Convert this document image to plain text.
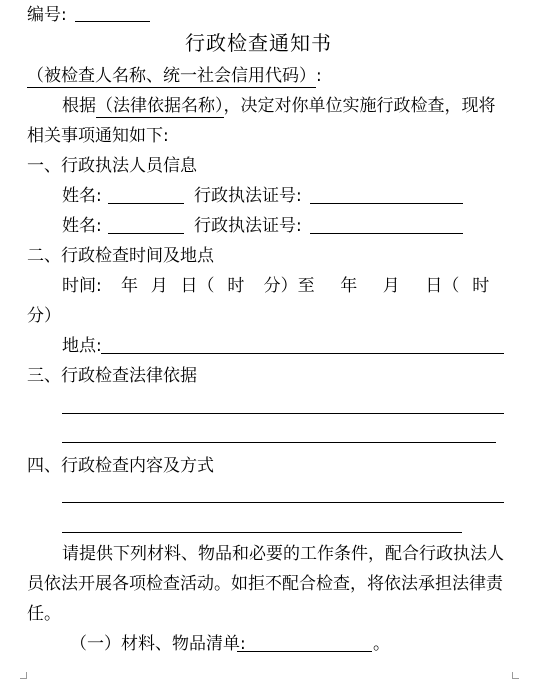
编号:
行政检查通知书
（被检查人名称、统一社会信用代码）:
根据（法律依据名称），决定对你单位实施行政检查，现将
相关事项通知如下:
一、行政执法人员信息
姓名:	行政执法证号:
姓名:	行政执法证号:
二、行政检查时间及地点
时间:   年  月  日（  时   分）至    年    月    日（  时
分）
地点:
三、行政检查法律依据
四、行政检查内容及方式
请提供下列材料、物品和必要的工作条件，配合行政执法人
员依法开展各项检查活动。如拒不配合检查，将依法承担法律责
任。
（一）材料、物品清单:	。
